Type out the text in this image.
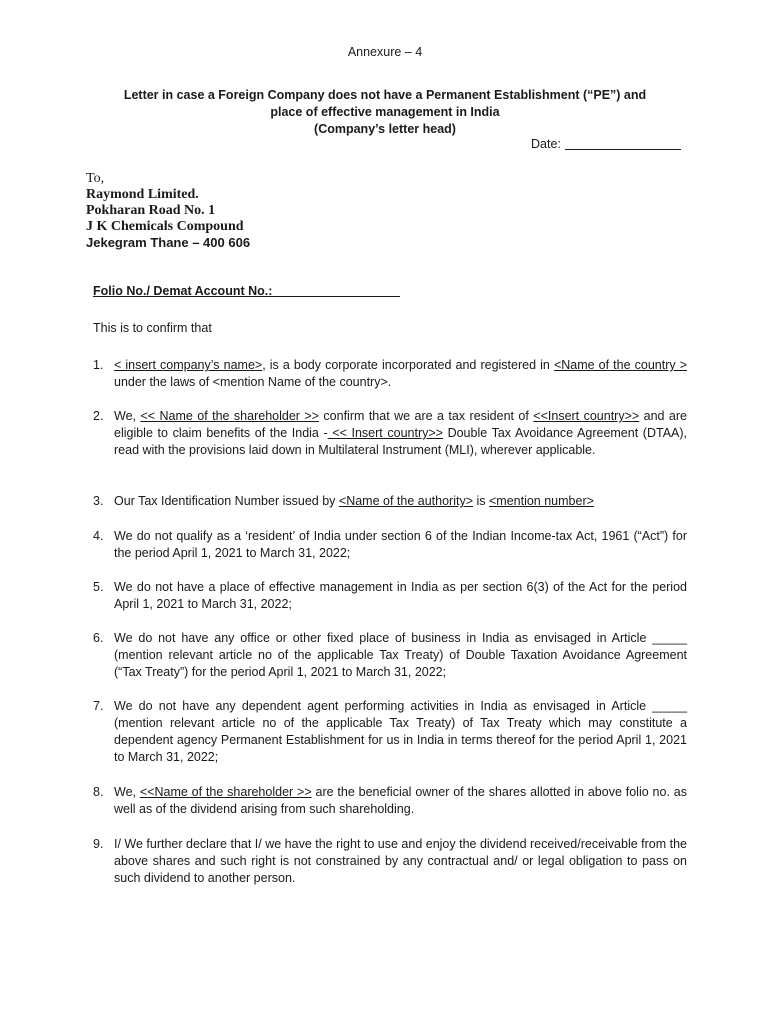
Annexure – 4
Letter in case a Foreign Company does not have a Permanent Establishment (“PE”) and
place of effective management in India
(Company’s letter head)
Date:
To,
Raymond Limited.
Pokharan Road No. 1
J K Chemicals Compound
Jekegram Thane – 400 606
Folio No./ Demat Account No.:
This is to confirm that
1. < insert company’s name>, is a body corporate incorporated and registered in <Name of the country > under the laws of <mention Name of the country>.
2. We, << Name of the shareholder >> confirm that we are a tax resident of <<Insert country>> and are eligible to claim benefits of the India - << Insert country>> Double Tax Avoidance Agreement (DTAA), read with the provisions laid down in Multilateral Instrument (MLI), wherever applicable.
3. Our Tax Identification Number issued by <Name of the authority> is <mention number>
4. We do not qualify as a ‘resident’ of India under section 6 of the Indian Income-tax Act, 1961 (“Act”) for the period April 1, 2021 to March 31, 2022;
5. We do not have a place of effective management in India as per section 6(3) of the Act for the period April 1, 2021 to March 31, 2022;
6. We do not have any office or other fixed place of business in India as envisaged in Article _____ (mention relevant article no of the applicable Tax Treaty) of Double Taxation Avoidance Agreement (“Tax Treaty”) for the period April 1, 2021 to March 31, 2022;
7. We do not have any dependent agent performing activities in India as envisaged in Article _____ (mention relevant article no of the applicable Tax Treaty) of Tax Treaty which may constitute a dependent agency Permanent Establishment for us in India in terms thereof for the period April 1, 2021 to March 31, 2022;
8. We, <<Name of the shareholder >> are the beneficial owner of the shares allotted in above folio no. as well as of the dividend arising from such shareholding.
9. I/ We further declare that I/ we have the right to use and enjoy the dividend received/receivable from the above shares and such right is not constrained by any contractual and/ or legal obligation to pass on such dividend to another person.
